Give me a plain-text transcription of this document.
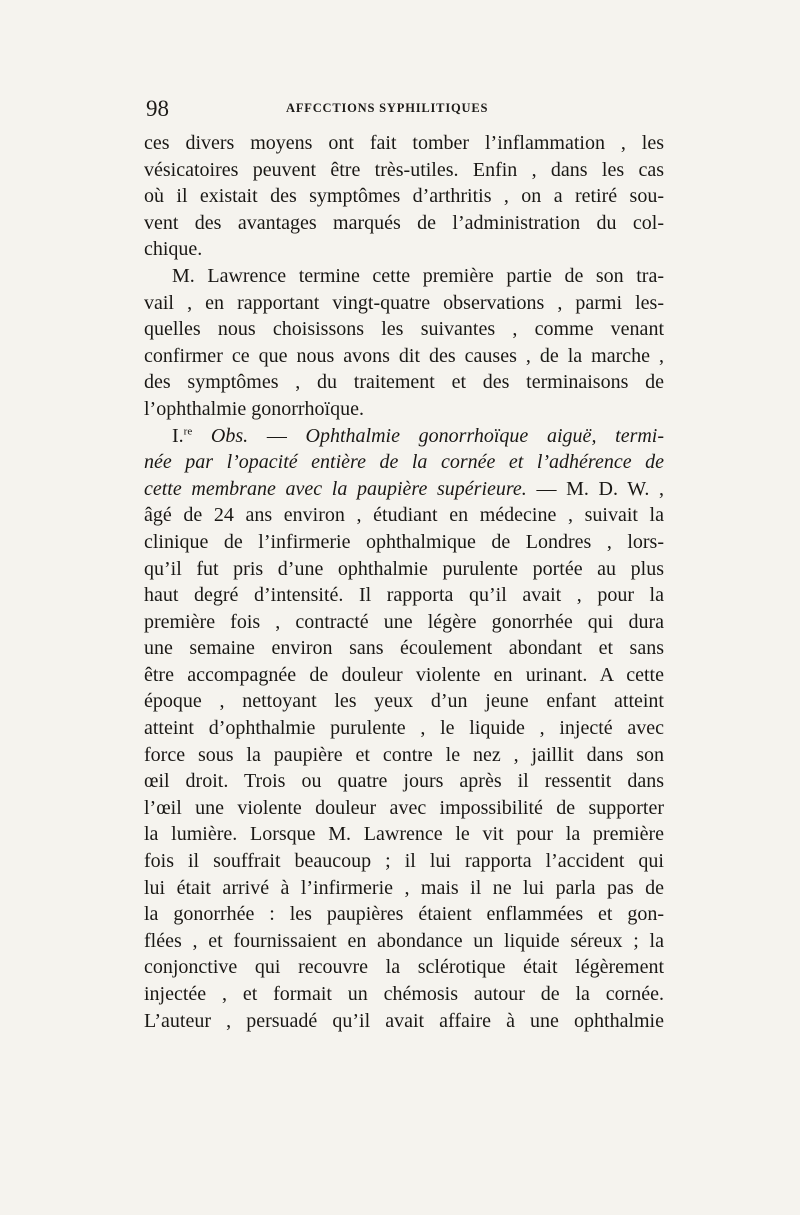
98	AFFCCTIONS SYPHILITIQUES
ces divers moyens ont fait tomber l’inflammation , les
vésicatoires peuvent être très-utiles. Enfin , dans les cas
où il existait des symptômes d’arthritis , on a retiré sou-
vent des avantages marqués de l’administration du col-
chique.
M. Lawrence termine cette première partie de son tra-
vail , en rapportant vingt-quatre observations , parmi les-
quelles nous choisissons les suivantes , comme venant
confirmer ce que nous avons dit des causes , de la marche ,
des symptômes , du traitement et des terminaisons de
l’ophthalmie gonorrhoïque.
I.$^{re}$ Obs. — Ophthalmie gonorrhoïque aiguë, termi-
née par l’opacité entière de la cornée et l’adhérence de
cette membrane avec la paupière supérieure. — M. D. W. ,
âgé de 24 ans environ , étudiant en médecine , suivait la
clinique de l’infirmerie ophthalmique de Londres , lors-
qu’il fut pris d’une ophthalmie purulente portée au plus
haut degré d’intensité. Il rapporta qu’il avait , pour la
première fois , contracté une légère gonorrhée qui dura
une semaine environ sans écoulement abondant et sans
être accompagnée de douleur violente en urinant. A cette
époque , nettoyant les yeux d’un jeune enfant atteint
atteint d’ophthalmie purulente , le liquide , injecté avec
force sous la paupière et contre le nez , jaillit dans son
œil droit. Trois ou quatre jours après il ressentit dans
l’œil une violente douleur avec impossibilité de supporter
la lumière. Lorsque M. Lawrence le vit pour la première
fois il souffrait beaucoup ; il lui rapporta l’accident qui
lui était arrivé à l’infirmerie , mais il ne lui parla pas de
la gonorrhée : les paupières étaient enflammées et gon-
flées , et fournissaient en abondance un liquide séreux ; la
conjonctive qui recouvre la sclérotique était légèrement
injectée , et formait un chémosis autour de la cornée.
L’auteur , persuadé qu’il avait affaire à une ophthalmie
